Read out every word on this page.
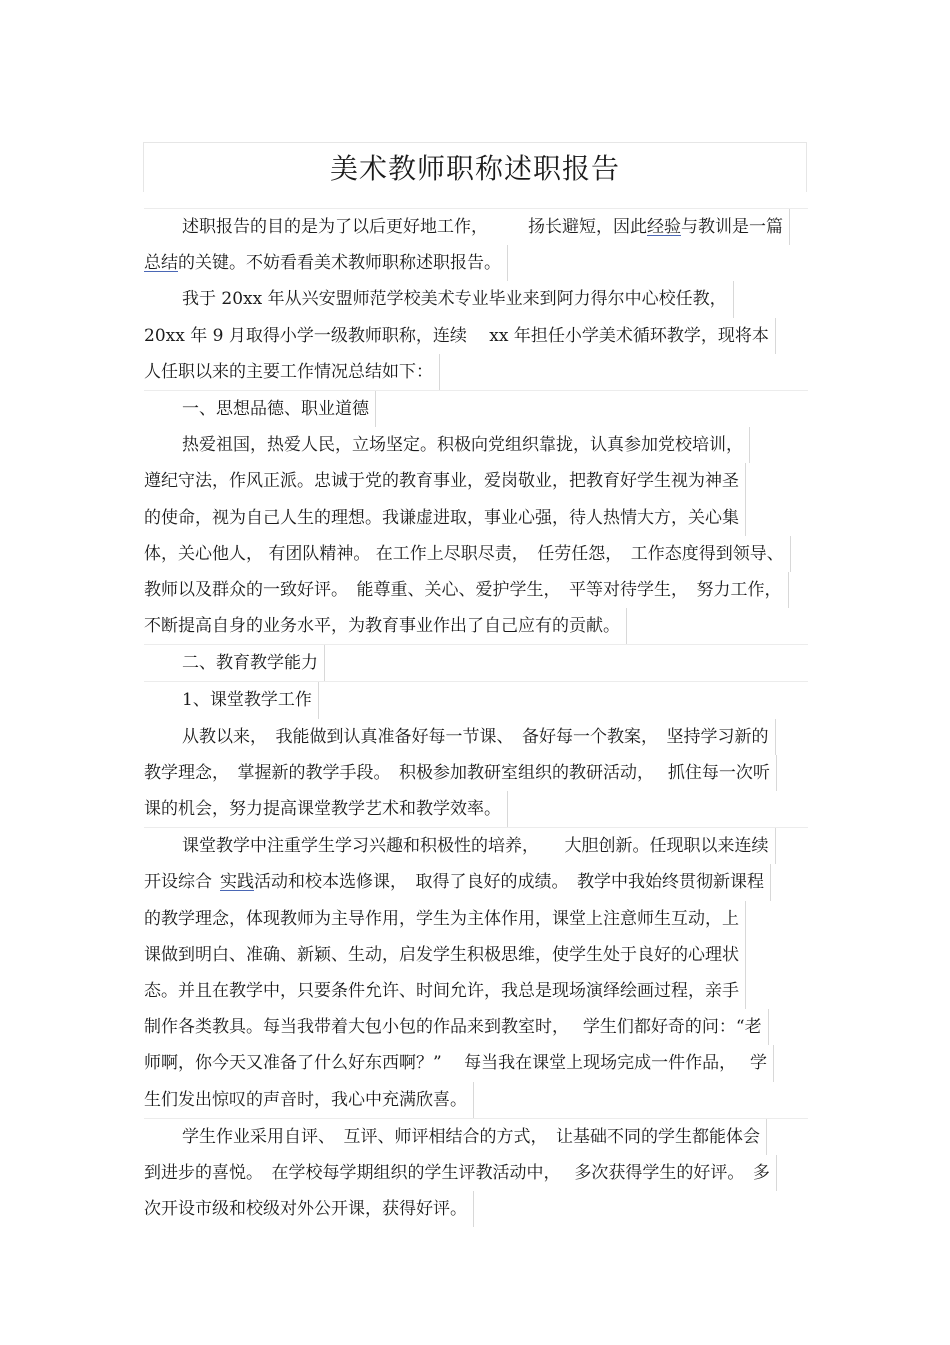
美术教师职称述职报告
述职报告的目的是为了以后更好地工作， 扬长避短，因此经验与教训是一篇
总结的关键。不妨看看美术教师职称述职报告。
我于 20xx 年从兴安盟师范学校美术专业毕业来到阿力得尔中心校任教，
20xx 年 9 月取得小学一级教师职称，连续　 xx 年担任小学美术循环教学，现将本
人任职以来的主要工作情况总结如下：
一、思想品德、职业道德
热爱祖国，热爱人民，立场坚定。积极向党组织靠拢，认真参加党校培训，
遵纪守法，作风正派。忠诚于党的教育事业，爱岗敬业，把教育好学生视为神圣
的使命，视为自己人生的理想。我谦虚进取，事业心强，待人热情大方，关心集
体，关心他人， 有团队精神。 在工作上尽职尽责，　任劳任怨，　工作态度得到领导、
教师以及群众的一致好评。　能尊重、关心、爱护学生，　平等对待学生，　努力工作，
不断提高自身的业务水平，为教育事业作出了自己应有的贡献。
二、教育教学能力
1、课堂教学工作
从教以来，　我能做到认真准备好每一节课、　备好每一个教案，　坚持学习新的
教学理念，　掌握新的教学手段。　积极参加教研室组织的教研活动，　 抓住每一次听
课的机会，努力提高课堂教学艺术和教学效率。
课堂教学中注重学生学习兴趣和积极性的培养，　　大胆创新。任现职以来连续
开设综合 实践活动和校本选修课，　取得了良好的成绩。　教学中我始终贯彻新课程
的教学理念，体现教师为主导作用，学生为主体作用，课堂上注意师生互动，上
课做到明白、准确、新颖、生动，启发学生积极思维，使学生处于良好的心理状
态。并且在教学中，只要条件允许、时间允许，我总是现场演绎绘画过程，亲手
制作各类教具。每当我带着大包小包的作品来到教室时，　 学生们都好奇的问：“老
师啊，你今天又准备了什么好东西啊？”　 每当我在课堂上现场完成一件作品，　 学
生们发出惊叹的声音时，我心中充满欣喜。
学生作业采用自评、　互评、师评相结合的方式，　让基础不同的学生都能体会
到进步的喜悦。　在学校每学期组织的学生评教活动中，　 多次获得学生的好评。　多
次开设市级和校级对外公开课，获得好评。
